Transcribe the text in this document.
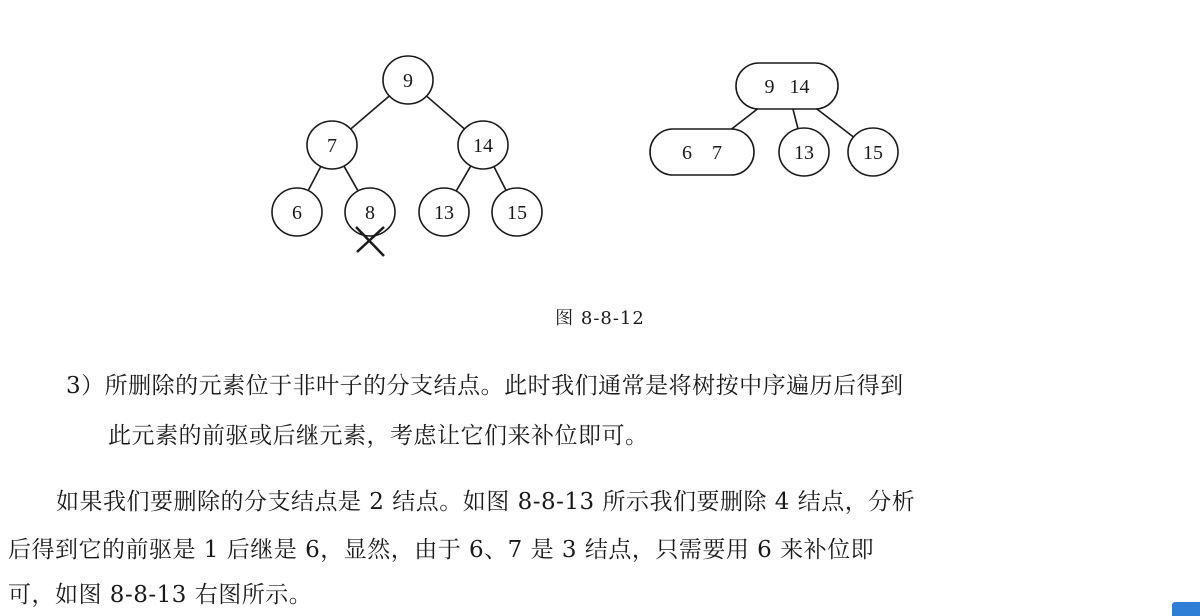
9
7	14
6	8	13	15
9   14
6    7	13 15
图 8-8-12
3）所删除的元素位于非叶子的分支结点。此时我们通常是将树按中序遍历后得到
此元素的前驱或后继元素，考虑让它们来补位即可。
如果我们要删除的分支结点是 2 结点。如图 8-8-13 所示我们要删除 4 结点，分析
后得到它的前驱是 1 后继是 6，显然，由于 6、7 是 3 结点，只需要用 6 来补位即
可，如图 8-8-13 右图所示。
